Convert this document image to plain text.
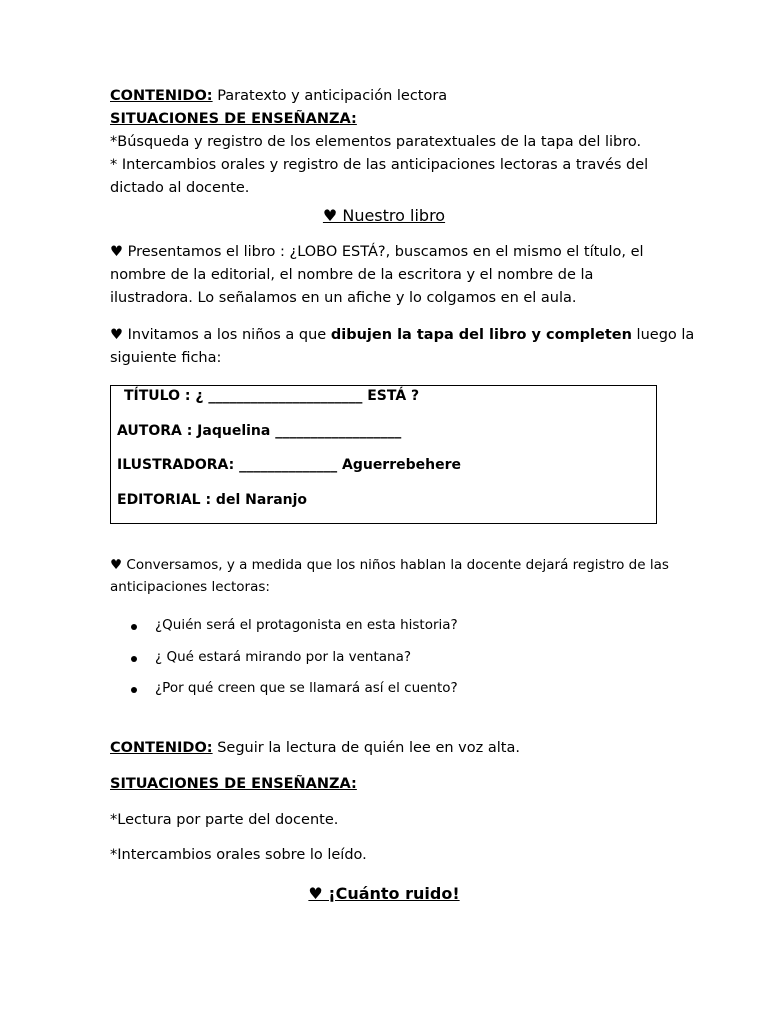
CONTENIDO: Paratexto y anticipación lectora
SITUACIONES DE ENSEÑANZA:
*Búsqueda y registro de los elementos paratextuales de la tapa del libro.
* Intercambios orales y registro de las anticipaciones lectoras a través del
dictado al docente.
♥ Nuestro libro
♥ Presentamos el libro : ¿LOBO ESTÁ?, buscamos en el mismo el título, el
nombre de la editorial, el nombre de la escritora y el nombre de la
ilustradora. Lo señalamos en un afiche y lo colgamos en el aula.
♥ Invitamos a los niños a que dibujen la tapa del libro y completen luego la
siguiente ficha:
TÍTULO : ¿ ______________________ ESTÁ ?
AUTORA : Jaquelina __________________
ILUSTRADORA: ______________ Aguerrebehere
EDITORIAL : del Naranjo
♥ Conversamos, y a medida que los niños hablan la docente dejará registro de las
anticipaciones lectoras:
¿Quién será el protagonista en esta historia?
¿ Qué estará mirando por la ventana?
¿Por qué creen que se llamará así el cuento?
CONTENIDO: Seguir la lectura de quién lee en voz alta.
SITUACIONES DE ENSEÑANZA:
*Lectura por parte del docente.
*Intercambios orales sobre lo leído.
♥ ¡Cuánto ruido!
